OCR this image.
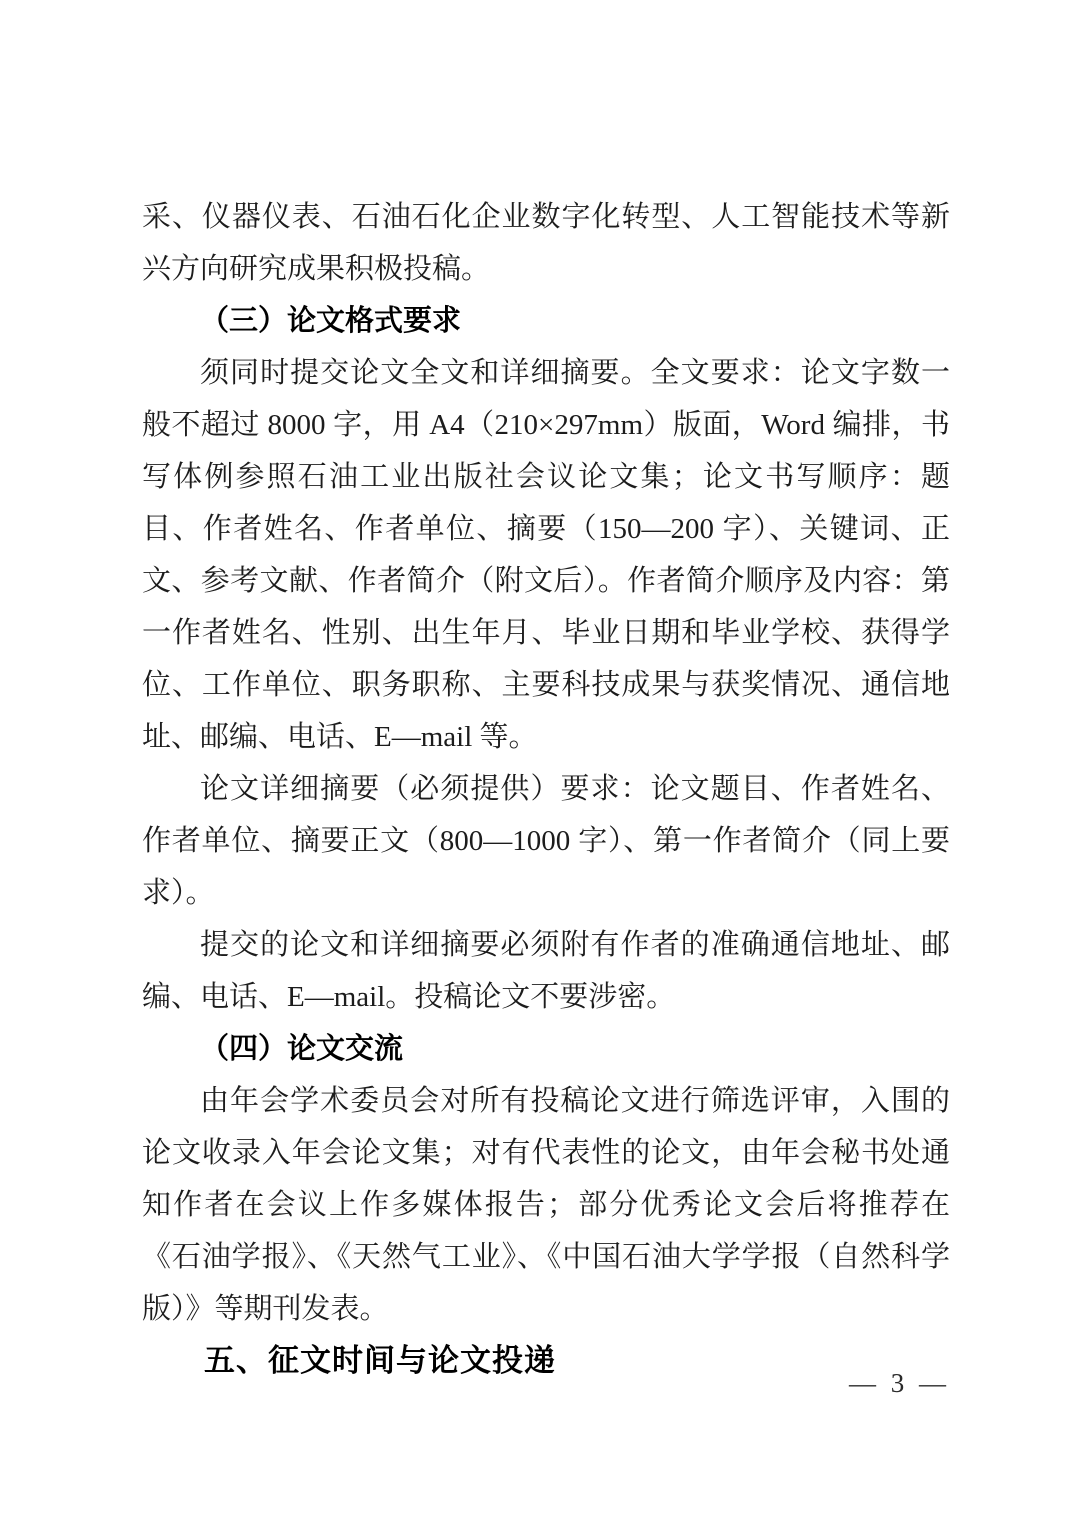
采、仪器仪表、石油石化企业数字化转型、人工智能技术等新兴方向研究成果积极投稿。

（三）论文格式要求

须同时提交论文全文和详细摘要。全文要求：论文字数一般不超过 8000 字，用 A4（210×297mm）版面，Word 编排，书写体例参照石油工业出版社会议论文集；论文书写顺序：题目、作者姓名、作者单位、摘要（150—200 字）、关键词、正文、参考文献、作者简介（附文后）。作者简介顺序及内容：第一作者姓名、性别、出生年月、毕业日期和毕业学校、获得学位、工作单位、职务职称、主要科技成果与获奖情况、通信地址、邮编、电话、E—mail 等。

论文详细摘要（必须提供）要求：论文题目、作者姓名、作者单位、摘要正文（800—1000 字）、第一作者简介（同上要求）。

提交的论文和详细摘要必须附有作者的准确通信地址、邮编、电话、E—mail。投稿论文不要涉密。

（四）论文交流

由年会学术委员会对所有投稿论文进行筛选评审，入围的论文收录入年会论文集；对有代表性的论文，由年会秘书处通知作者在会议上作多媒体报告；部分优秀论文会后将推荐在《石油学报》、《天然气工业》、《中国石油大学学报（自然科学版）》等期刊发表。

五、征文时间与论文投递

— 3 —
